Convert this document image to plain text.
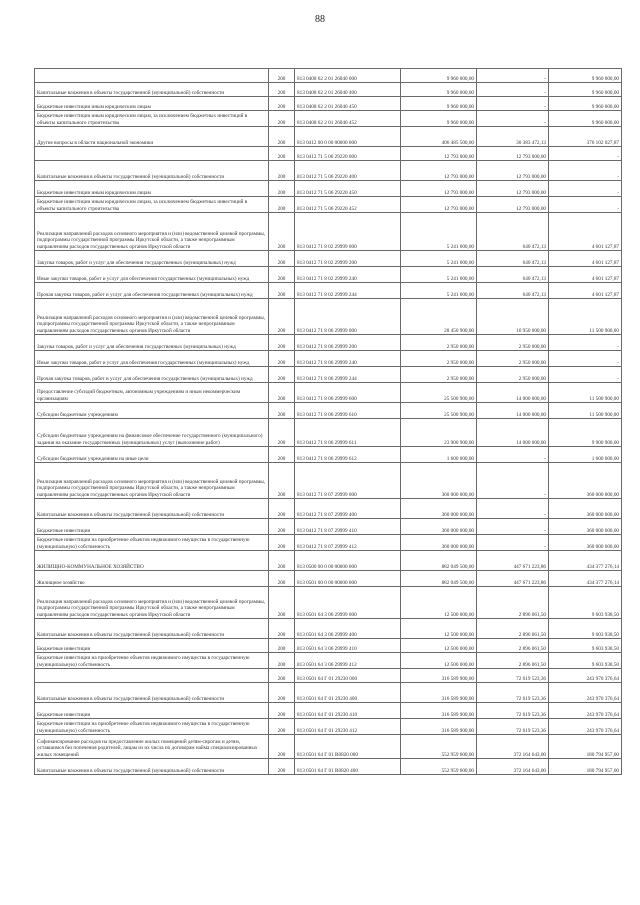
88
	200	813 0408 62 2 01 26040 000	9 960 000,00	-	9 960 000,00
Капитальные вложения в объекты государственной (муниципальной) собственности	200	813 0408 62 2 01 26040 400	9 960 000,00	-	9 960 000,00
Бюджетные инвестиции иным юридическим лицам	200	813 0408 62 2 01 26040 450	9 960 000,00	-	9 960 000,00
Бюджетные инвестиции иным юридическим лицам, за исключением бюджетных инвестиций в объекты капитального строительства	200	813 0408 62 2 01 26040 452	9 960 000,00	-	9 960 000,00
Другие вопросы в области национальной экономики	200	813 0412 00 0 00 00000 000	406 485 500,00	30 383 472,13	376 102 027,87
	200	813 0412 71 5 06 29220 000	12 793 000,00	12 793 000,00	-
Капитальные вложения в объекты государственной (муниципальной) собственности	200	813 0412 71 5 06 29220 400	12 793 000,00	12 793 000,00	-
Бюджетные инвестиции иным юридическим лицам	200	813 0412 71 5 06 29220 450	12 793 000,00	12 793 000,00	-
Бюджетные инвестиции иным юридическим лицам, за исключением бюджетных инвестиций в объекты капитального строительства	200	813 0412 71 5 06 29220 452	12 793 000,00	12 793 000,00	-
Реализация направлений расходов основного мероприятия и (или) ведомственной целевой программы, подпрограммы государственной программы Иркутской области, а также непрограммным направлениям расходов государственных органов Иркутской области	200	813 0412 71 8 02 29999 000	5 241 600,00	640 472,13	4 601 127,87
Закупка товаров, работ и услуг для обеспечения государственных (муниципальных) нужд	200	813 0412 71 8 02 29999 200	5 241 600,00	640 472,13	4 601 127,87
Иные закупки товаров, работ и услуг для обеспечения государственных (муниципальных) нужд	200	813 0412 71 8 02 29999 240	5 241 600,00	640 472,13	4 601 127,87
Прочая закупка товаров, работ и услуг для обеспечения государственных (муниципальных) нужд	200	813 0412 71 8 02 29999 244	5 241 600,00	640 472,13	4 601 127,87
Реализация направлений расходов основного мероприятия и (или) ведомственной целевой программы, подпрограммы государственной программы Иркутской области, а также непрограммным направлениям расходов государственных органов Иркутской области	200	813 0412 71 8 06 29999 000	28 450 900,00	16 950 000,00	11 500 900,00
Закупка товаров, работ и услуг для обеспечения государственных (муниципальных) нужд	200	813 0412 71 8 06 29999 200	2 950 000,00	2 950 000,00	-
Иные закупки товаров, работ и услуг для обеспечения государственных (муниципальных) нужд	200	813 0412 71 8 06 29999 240	2 950 000,00	2 950 000,00	-
Прочая закупка товаров, работ и услуг для обеспечения государственных (муниципальных) нужд	200	813 0412 71 8 06 29999 244	2 950 000,00	2 950 000,00	-
Предоставление субсидий бюджетным, автономным учреждениям и иным некоммерческим организациям	200	813 0412 71 8 06 29999 600	25 500 900,00	14 000 000,00	11 500 900,00
Субсидии бюджетным учреждениям	200	813 0412 71 8 06 29999 610	25 500 900,00	14 000 000,00	11 500 900,00
Субсидии бюджетным учреждениям на финансовое обеспечение государственного (муниципального) задания на оказание государственных (муниципальных) услуг (выполнение работ)	200	813 0412 71 8 06 29999 611	23 900 900,00	14 000 000,00	9 900 900,00
Субсидии бюджетным учреждениям на иные цели	200	813 0412 71 8 06 29999 612	1 600 000,00	-	1 600 000,00
Реализация направлений расходов основного мероприятия и (или) ведомственной целевой программы, подпрограммы государственной программы Иркутской области, а также непрограммным направлениям расходов государственных органов Иркутской области	200	813 0412 71 8 07 29999 000	360 000 000,00	-	360 000 000,00
Капитальные вложения в объекты государственной (муниципальной) собственности	200	813 0412 71 8 07 29999 400	360 000 000,00	-	360 000 000,00
Бюджетные инвестиции	200	813 0412 71 8 07 29999 410	360 000 000,00	-	360 000 000,00
Бюджетные инвестиции на приобретение объектов недвижимого имущества в государственную (муниципальную) собственность	200	813 0412 71 8 07 29999 412	360 000 000,00	-	360 000 000,00
ЖИЛИЩНО-КОММУНАЛЬНОЕ ХОЗЯЙСТВО	200	813 0500 00 0 00 00000 000	882 049 500,00	447 671 223,86	434 377 276,14
Жилищное хозяйство	200	813 0501 00 0 00 00000 000	882 049 500,00	447 671 223,86	434 377 276,14
Реализация направлений расходов основного мероприятия и (или) ведомственной целевой программы, подпрограммы государственной программы Иркутской области, а также непрограммным направлениям расходов государственных органов Иркутской области	200	813 0501 64 3 06 29999 000	12 500 000,00	2 896 061,50	9 603 938,50
Капитальные вложения в объекты государственной (муниципальной) собственности	200	813 0501 64 3 06 29999 400	12 500 000,00	2 896 061,50	9 603 938,50
Бюджетные инвестиции	200	813 0501 64 3 06 29999 410	12 500 000,00	2 896 061,50	9 603 938,50
Бюджетные инвестиции на приобретение объектов недвижимого имущества в государственную (муниципальную) собственность	200	813 0501 64 3 06 29999 412	12 500 000,00	2 896 061,50	9 603 938,50
	200	813 0501 64 Г 01 29230 000	316 589 900,00	72 619 523,36	243 970 376,64
Капитальные вложения в объекты государственной (муниципальной) собственности	200	813 0501 64 Г 01 29230 400	316 589 900,00	72 619 523,36	243 970 376,64
Бюджетные инвестиции	200	813 0501 64 Г 01 29230 410	316 589 900,00	72 619 523,36	243 970 376,64
Бюджетные инвестиции на приобретение объектов недвижимого имущества в государственную (муниципальную) собственность	200	813 0501 64 Г 01 29230 412	316 589 900,00	72 619 523,36	243 970 376,64
Софинансирование расходов на предоставление жилых помещений детям-сиротам и детям, оставшимся без попечения родителей, лицам из их числа по договорам найма специализированных жилых помещений	200	813 0501 64 Г 01 R0820 000	552 959 600,00	372 164 643,00	180 794 957,00
Капитальные вложения в объекты государственной (муниципальной) собственности	200	813 0501 64 Г 01 R0820 400	552 959 600,00	372 164 643,00	180 794 957,00
